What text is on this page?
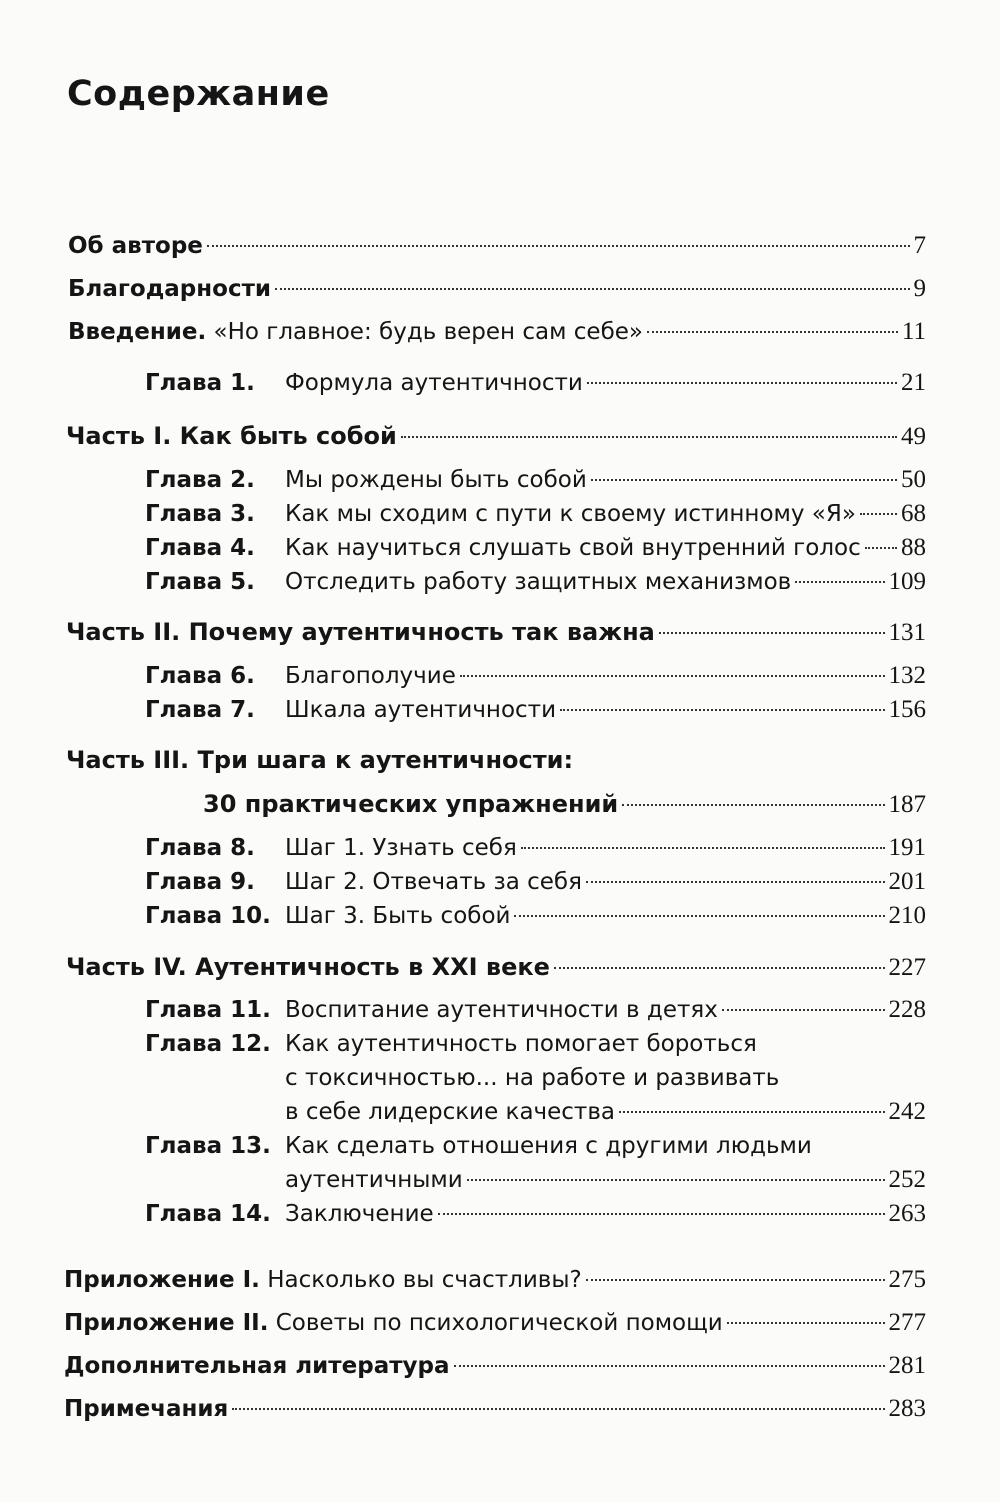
Содержание
Об авторе	7
Благодарности	9
Введение.
«Но главное: будь верен сам себе»	11
Глава 1.	Формула аутентичности	21
Часть I. Как быть собой	49
Глава 2.	Мы рождены быть собой	50
Глава 3.	Как мы сходим с пути к своему истинному «Я» 68
Глава 4.	Как научиться слушать свой внутренний голос 88
Глава 5.	Отследить работу защитных механизмов	109
Часть II. Почему аутентичность так важна	131
Глава 6.	Благополучие	132
Глава 7.	Шкала аутентичности	156
Часть III. Три шага к аутентичности:
30 практических упражнений	187
Глава 8.	Шаг 1. Узнать себя	191
Глава 9.	Шаг 2. Отвечать за себя	201
Глава 10. Шаг 3. Быть собой	210
Часть IV. Аутентичность в XXI веке	227
Глава 11. Воспитание аутентичности в детях	228
Глава 12. Как аутентичность помогает бороться
с токсичностью... на работе и развивать
в себе лидерские качества	242
Глава 13. Как сделать отношения с другими людьми
аутентичными	252
Глава 14. Заключение	263
Приложение I.
Насколько вы счастливы?	275
Приложение II.
Советы по психологической помощи	277
Дополнительная литература	281
Примечания	283
